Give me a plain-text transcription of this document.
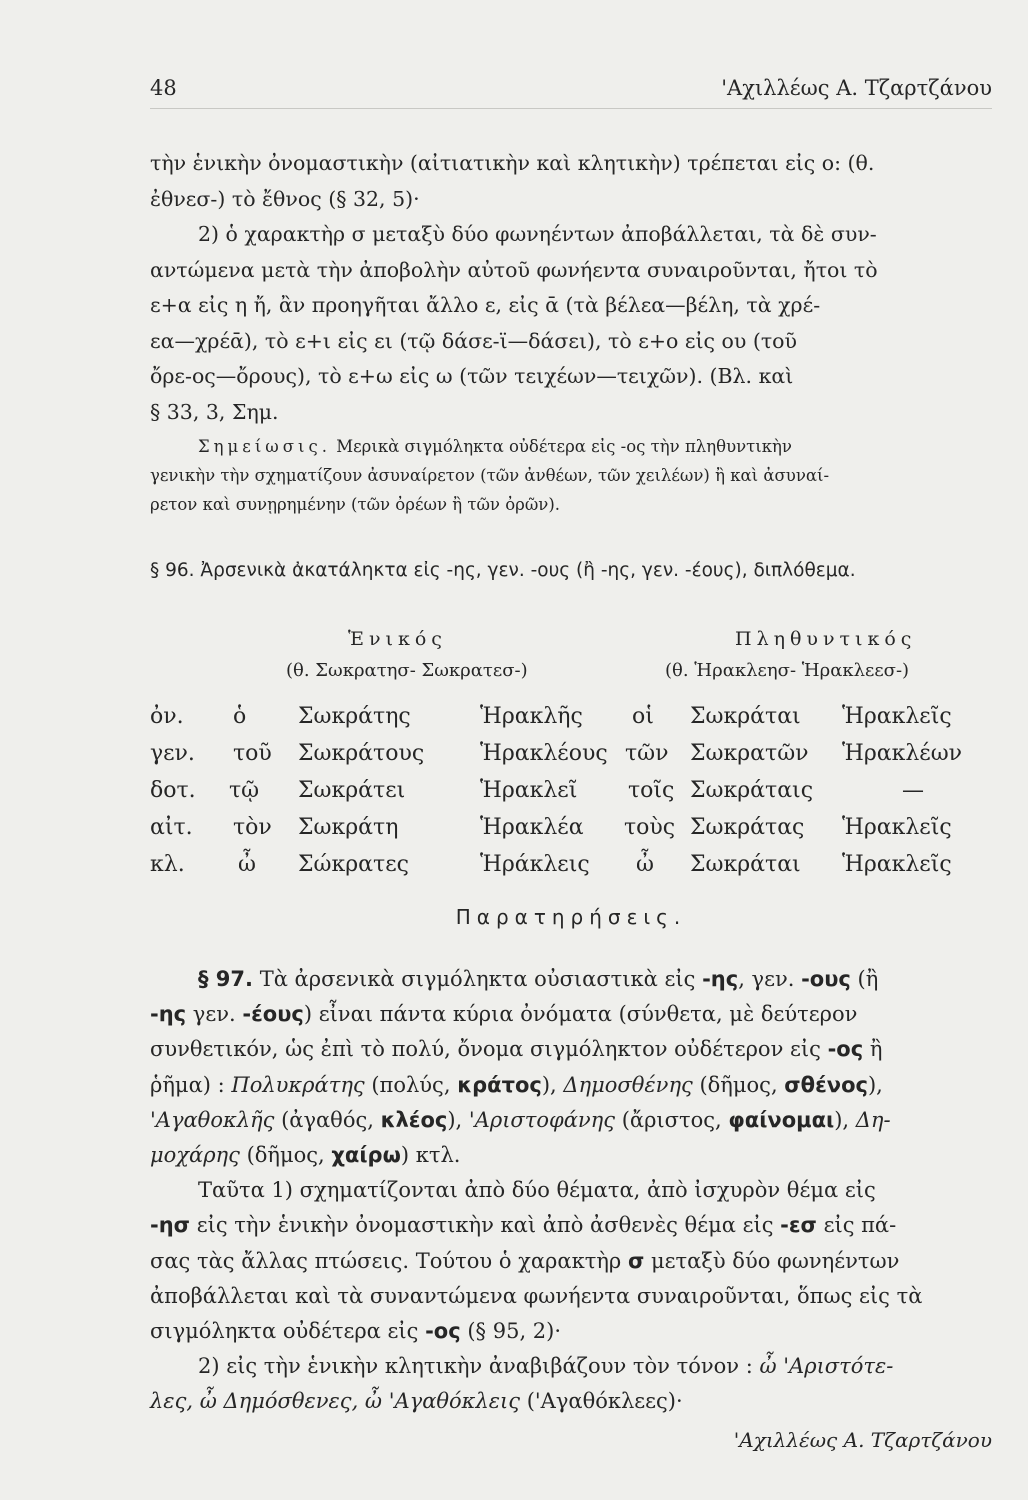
48	'Αχιλλέως Α. Τζαρτζάνου
τὴν ἑνικὴν ὀνομαστικὴν (αἰτιατικὴν καὶ κλητικὴν) τρέπεται εἰς ο: (θ.
ἐθνεσ-) τὸ ἔθνος (§ 32, 5)·
2) ὁ χαρακτὴρ σ μεταξὺ δύο φωνηέντων ἀποβάλλεται, τὰ δὲ συν-
αντώμενα μετὰ τὴν ἀποβολὴν αὐτοῦ φωνήεντα συναιροῦνται, ἤτοι τὸ
ε+α εἰς η ἤ, ἂν προηγῆται ἄλλο ε, εἰς ᾱ (τὰ βέλεα—βέλη, τὰ χρέ-
εα—χρέᾱ), τὸ ε+ι εἰς ει (τῷ δάσε-ϊ—δάσει), τὸ ε+ο εἰς ου (τοῦ
ὄρε-ος—ὄρους), τὸ ε+ω εἰς ω (τῶν τειχέων—τειχῶν). (Βλ. καὶ
§ 33, 3, Σημ.
Σημείωσις. Μερικὰ σιγμόληκτα οὐδέτερα εἰς -ος τὴν πληθυντικὴν
γενικὴν τὴν σχηματίζουν ἀσυναίρετον (τῶν ἀνθέων, τῶν χειλέων) ἢ καὶ ἀσυναί-
ρετον καὶ συνῃρημένην (τῶν ὀρέων ἢ τῶν ὀρῶν).
§ 96. Ἀρσενικὰ ἀκατάληκτα εἰς -ης, γεν. -ους (ἢ -ης, γεν. -έους), διπλόθεμα.
Ἑνικός	Πληθυντικός
(θ. Σωκρατησ- Σωκρατεσ-)	(θ. Ἡρακλεησ- Ἡρακλεεσ-)
ὀν. ὁ Σωκράτης	Ἡρακλῆς οἱ Σωκράται Ἡρακλεῖς
γεν. τοῦ Σωκράτους	Ἡρακλέους τῶν Σωκρατῶν Ἡρακλέων
δοτ. τῷ Σωκράτει	Ἡρακλεῖ τοῖς Σωκράταις	—
αἰτ. τὸν Σωκράτη	Ἡρακλέα τοὺς Σωκράτας Ἡρακλεῖς
κλ. ὦ Σώκρατες	Ἡράκλεις ὦ Σωκράται Ἡρακλεῖς
Παρατηρήσεις.
§ 97. Τὰ ἀρσενικὰ σιγμόληκτα οὐσιαστικὰ εἰς -ης, γεν. -ους (ἢ
-ης γεν. -έους) εἶναι πάντα κύρια ὀνόματα (σύνθετα, μὲ δεύτερον
συνθετικόν, ὡς ἐπὶ τὸ πολύ, ὄνομα σιγμόληκτον οὐδέτερον εἰς -ος ἢ
ῥῆμα) : Πολυκράτης (πολύς, κράτος), Δημοσθένης (δῆμος, σθένος),
'Αγαθοκλῆς (ἀγαθός, κλέος), 'Αριστοφάνης (ἄριστος, φαίνομαι), Δη-
μοχάρης (δῆμος, χαίρω) κτλ.
Ταῦτα 1) σχηματίζονται ἀπὸ δύο θέματα, ἀπὸ ἰσχυρὸν θέμα εἰς
-ησ εἰς τὴν ἑνικὴν ὀνομαστικὴν καὶ ἀπὸ ἀσθενὲς θέμα εἰς -εσ εἰς πά-
σας τὰς ἄλλας πτώσεις. Τούτου ὁ χαρακτὴρ σ μεταξὺ δύο φωνηέντων
ἀποβάλλεται καὶ τὰ συναντώμενα φωνήεντα συναιροῦνται, ὅπως εἰς τὰ
σιγμόληκτα οὐδέτερα εἰς -ος (§ 95, 2)·
2) εἰς τὴν ἑνικὴν κλητικὴν ἀναβιβάζουν τὸν τόνον : ὦ 'Αριστότε-
λες, ὦ Δημόσθενες, ὦ 'Αγαθόκλεις ('Αγαθόκλεες)·
'Αχιλλέως Α. Τζαρτζάνου
